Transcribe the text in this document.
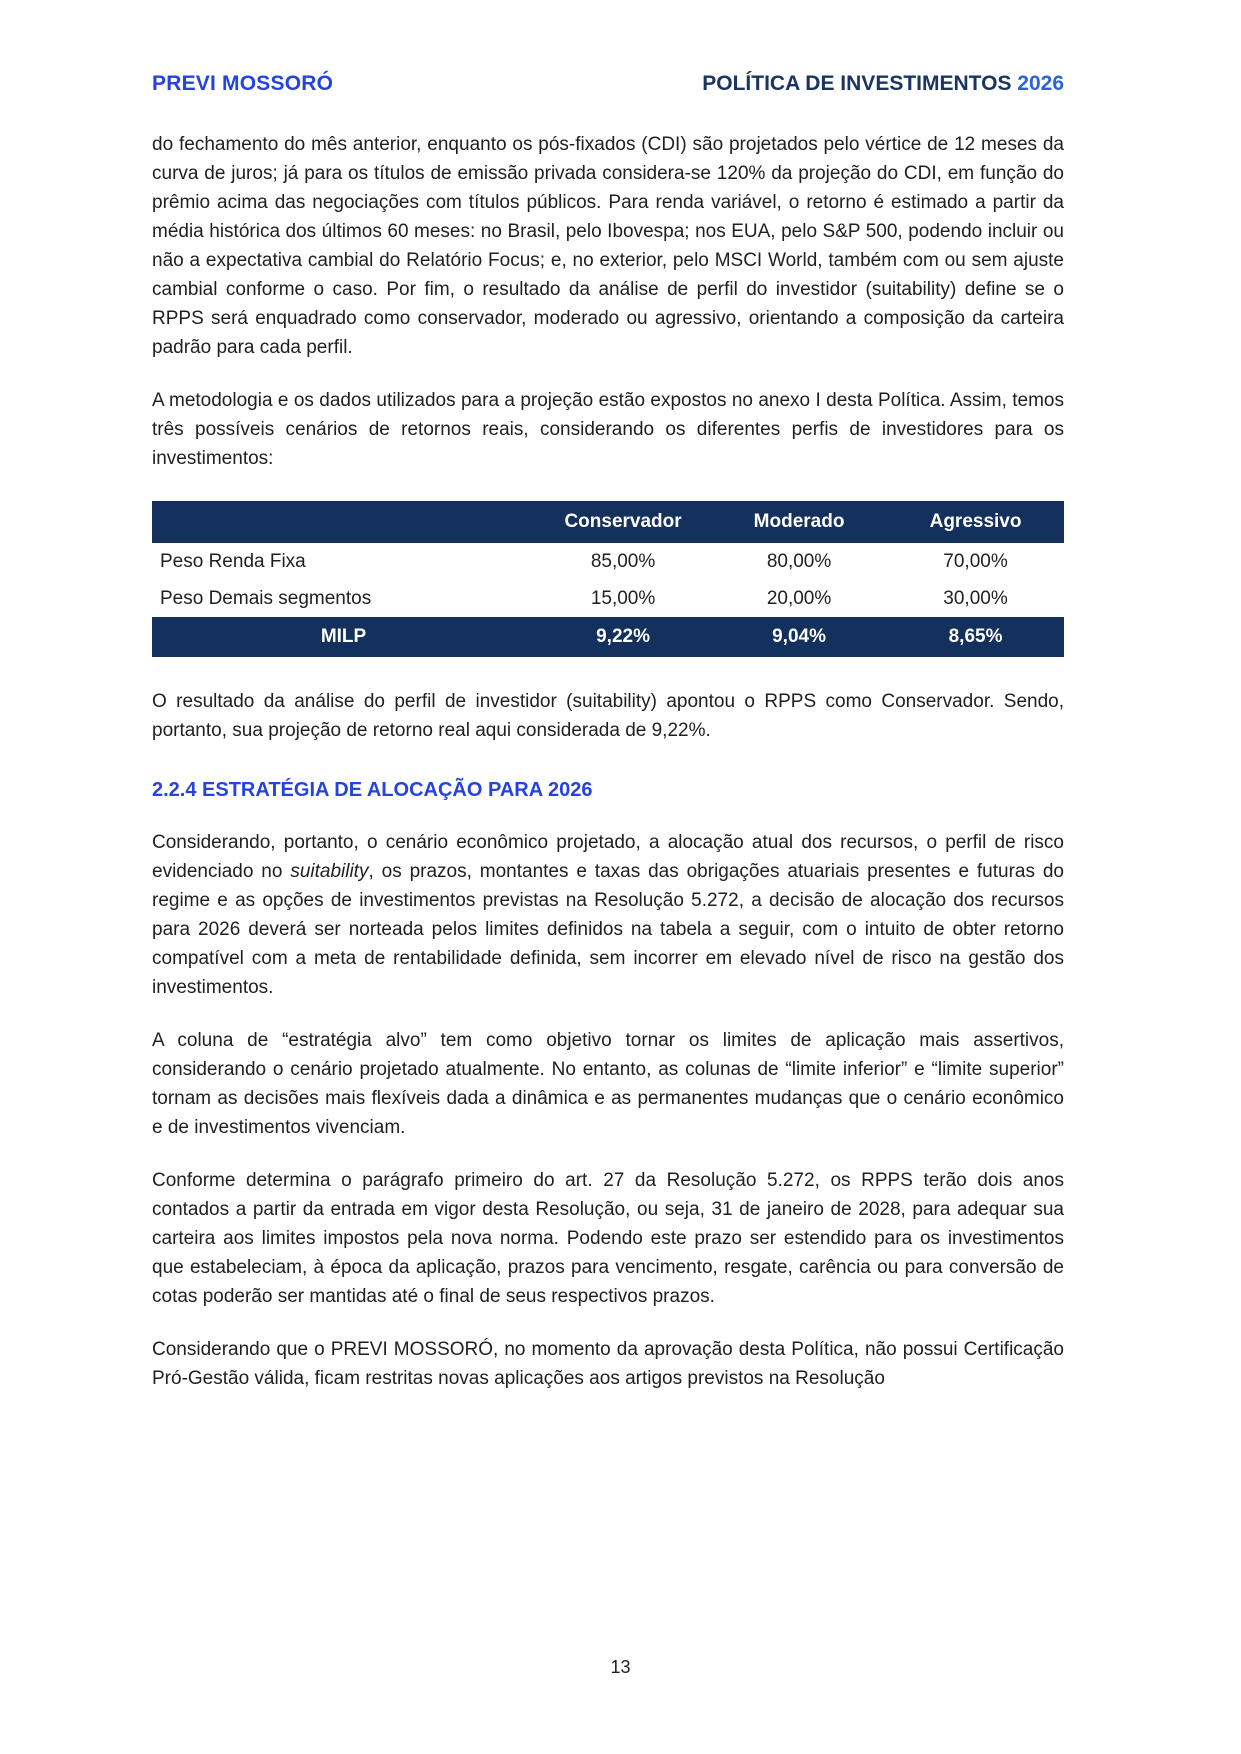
PREVI MOSSORÓ	POLÍTICA DE INVESTIMENTOS 2026

do fechamento do mês anterior, enquanto os pós-fixados (CDI) são projetados pelo vértice de 12 meses da curva de juros; já para os títulos de emissão privada considera-se 120% da projeção do CDI, em função do prêmio acima das negociações com títulos públicos. Para renda variável, o retorno é estimado a partir da média histórica dos últimos 60 meses: no Brasil, pelo Ibovespa; nos EUA, pelo S&P 500, podendo incluir ou não a expectativa cambial do Relatório Focus; e, no exterior, pelo MSCI World, também com ou sem ajuste cambial conforme o caso. Por fim, o resultado da análise de perfil do investidor (suitability) define se o RPPS será enquadrado como conservador, moderado ou agressivo, orientando a composição da carteira padrão para cada perfil.

A metodologia e os dados utilizados para a projeção estão expostos no anexo I desta Política. Assim, temos três possíveis cenários de retornos reais, considerando os diferentes perfis de investidores para os investimentos:

	Conservador	Moderado	Agressivo
Peso Renda Fixa	85,00%	80,00%	70,00%
Peso Demais segmentos	15,00%	20,00%	30,00%
MILP	9,22%	9,04%	8,65%

O resultado da análise do perfil de investidor (suitability) apontou o RPPS como Conservador. Sendo, portanto, sua projeção de retorno real aqui considerada de 9,22%.

2.2.4 ESTRATÉGIA DE ALOCAÇÃO PARA 2026

Considerando, portanto, o cenário econômico projetado, a alocação atual dos recursos, o perfil de risco evidenciado no suitability, os prazos, montantes e taxas das obrigações atuariais presentes e futuras do regime e as opções de investimentos previstas na Resolução 5.272, a decisão de alocação dos recursos para 2026 deverá ser norteada pelos limites definidos na tabela a seguir, com o intuito de obter retorno compatível com a meta de rentabilidade definida, sem incorrer em elevado nível de risco na gestão dos investimentos.

A coluna de “estratégia alvo” tem como objetivo tornar os limites de aplicação mais assertivos, considerando o cenário projetado atualmente. No entanto, as colunas de “limite inferior” e “limite superior” tornam as decisões mais flexíveis dada a dinâmica e as permanentes mudanças que o cenário econômico e de investimentos vivenciam.

Conforme determina o parágrafo primeiro do art. 27 da Resolução 5.272, os RPPS terão dois anos contados a partir da entrada em vigor desta Resolução, ou seja, 31 de janeiro de 2028, para adequar sua carteira aos limites impostos pela nova norma. Podendo este prazo ser estendido para os investimentos que estabeleciam, à época da aplicação, prazos para vencimento, resgate, carência ou para conversão de cotas poderão ser mantidas até o final de seus respectivos prazos.

Considerando que o PREVI MOSSORÓ, no momento da aprovação desta Política, não possui Certificação Pró-Gestão válida, ficam restritas novas aplicações aos artigos previstos na Resolução

13
